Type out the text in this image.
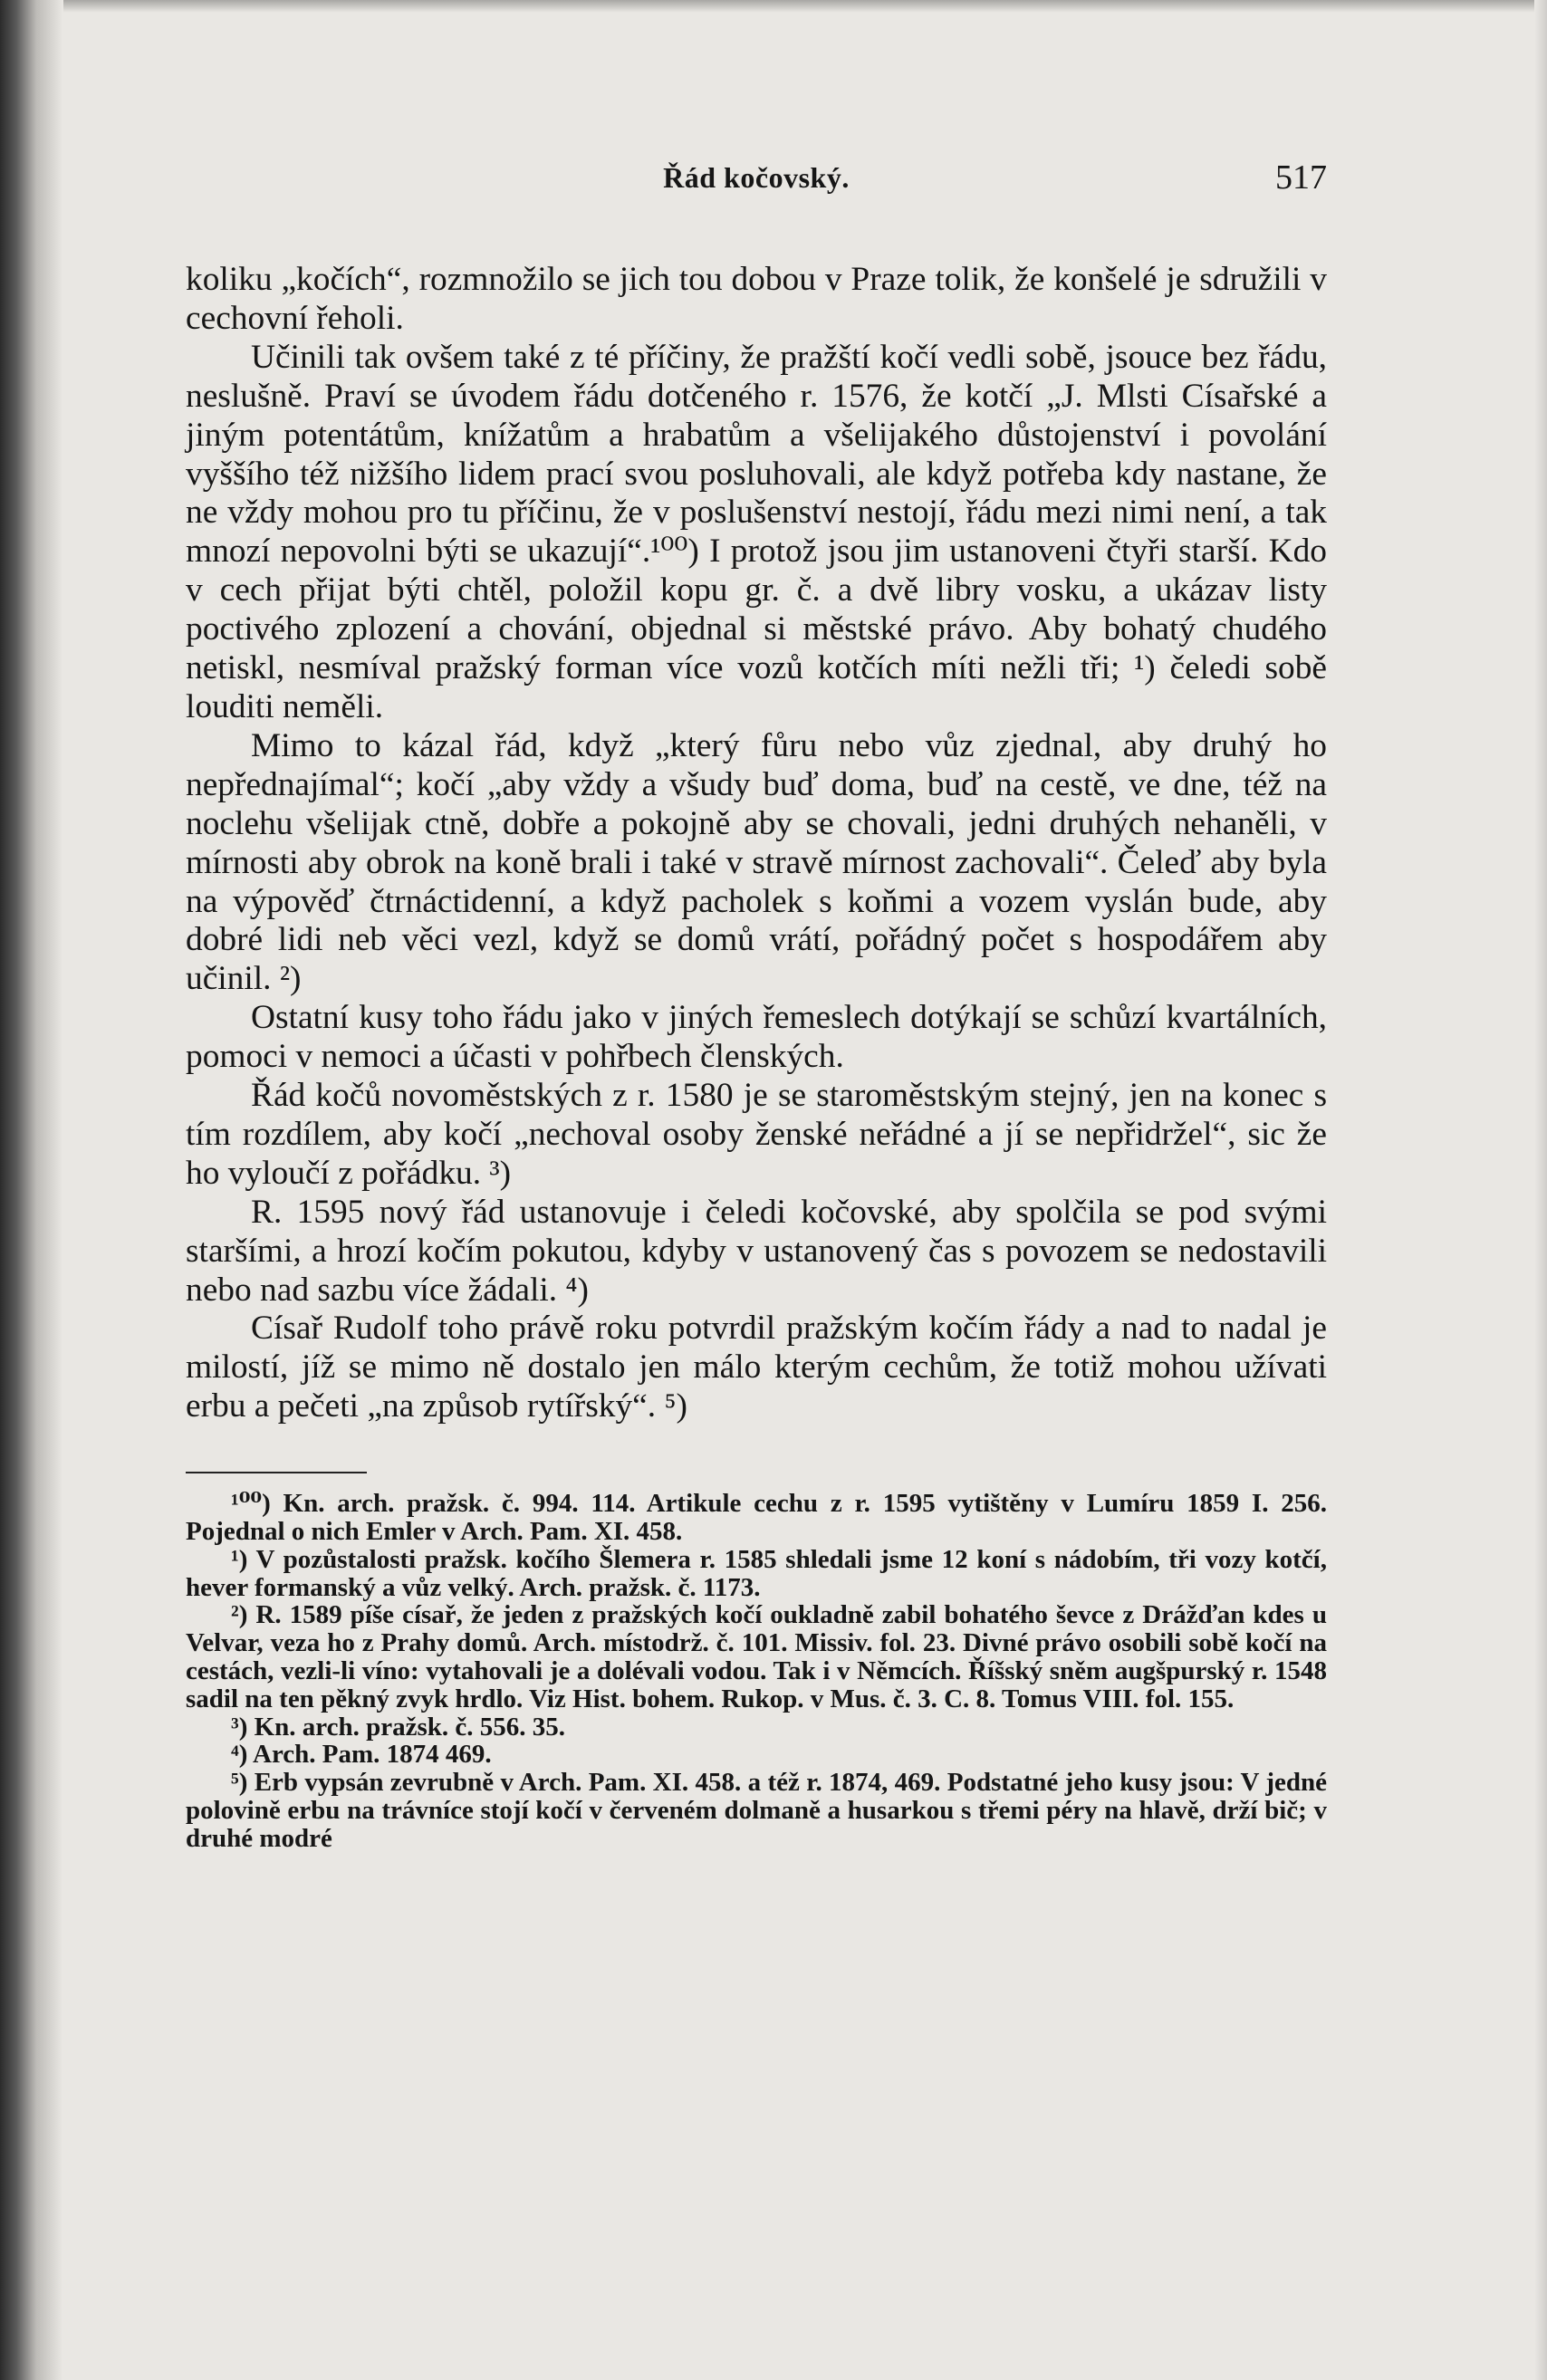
Řád kočovský.	517

koliku „kočích“, rozmnožilo se jich tou dobou v Praze tolik, že konšelé je sdružili v cechovní řeholi.

Učinili tak ovšem také z té příčiny, že pražští kočí vedli sobě, jsouce bez řádu, neslušně. Praví se úvodem řádu dotčeného r. 1576, že kotčí „J. Mlsti Císařské a jiným potentátům, knížatům a hrabatům a všelijakého důstojenství i povolání vyššího též nižšího lidem prací svou posluhovali, ale když potřeba kdy nastane, že ne vždy mohou pro tu příčinu, že v poslušenství nestojí, řádu mezi nimi není, a tak mnozí nepovolni býti se ukazují“.¹⁰⁰) I protož jsou jim ustanoveni čtyři starší. Kdo v cech přijat býti chtěl, položil kopu gr. č. a dvě libry vosku, a ukázav listy poctivého zplození a chování, objednal si městské právo. Aby bohatý chudého netiskl, nesmíval pražský forman více vozů kotčích míti nežli tři; ¹) čeledi sobě louditi neměli.

Mimo to kázal řád, když „který fůru nebo vůz zjednal, aby druhý ho nepřednajímal“; kočí „aby vždy a všudy buď doma, buď na cestě, ve dne, též na noclehu všelijak ctně, dobře a pokojně aby se chovali, jedni druhých nehaněli, v mírnosti aby obrok na koně brali i také v stravě mírnost zachovali“. Čeleď aby byla na výpověď čtrnáctidenní, a když pacholek s koňmi a vozem vyslán bude, aby dobré lidi neb věci vezl, když se domů vrátí, pořádný počet s hospodářem aby učinil. ²)

Ostatní kusy toho řádu jako v jiných řemeslech dotýkají se schůzí kvartálních, pomoci v nemoci a účasti v pohřbech členských.

Řád kočů novoměstských z r. 1580 je se staroměstským stejný, jen na konec s tím rozdílem, aby kočí „nechoval osoby ženské neřádné a jí se nepřidržel“, sic že ho vyloučí z pořádku. ³)

R. 1595 nový řád ustanovuje i čeledi kočovské, aby spolčila se pod svými staršími, a hrozí kočím pokutou, kdyby v ustanovený čas s povozem se nedostavili nebo nad sazbu více žádali. ⁴)

Císař Rudolf toho právě roku potvrdil pražským kočím řády a nad to nadal je milostí, jíž se mimo ně dostalo jen málo kterým cechům, že totiž mohou užívati erbu a pečeti „na způsob rytířský“. ⁵)

¹⁰⁰) Kn. arch. pražsk. č. 994. 114. Artikule cechu z r. 1595 vytištěny v Lumíru 1859 I. 256. Pojednal o nich Emler v Arch. Pam. XI. 458.

¹) V pozůstalosti pražsk. kočího Šlemera r. 1585 shledali jsme 12 koní s nádobím, tři vozy kotčí, hever formanský a vůz velký. Arch. pražsk. č. 1173.

²) R. 1589 píše císař, že jeden z pražských kočí oukladně zabil bohatého ševce z Drážďan kdes u Velvar, veza ho z Prahy domů. Arch. místodrž. č. 101. Missiv. fol. 23. Divné právo osobili sobě kočí na cestách, vezli-li víno: vytahovali je a dolévali vodou. Tak i v Němcích. Říšský sněm augšpurský r. 1548 sadil na ten pěkný zvyk hrdlo. Viz Hist. bohem. Rukop. v Mus. č. 3. C. 8. Tomus VIII. fol. 155.

³) Kn. arch. pražsk. č. 556. 35.

⁴) Arch. Pam. 1874 469.

⁵) Erb vypsán zevrubně v Arch. Pam. XI. 458. a též r. 1874, 469. Podstatné jeho kusy jsou: V jedné polovině erbu na trávníce stojí kočí v červeném dolmaně a husarkou s třemi péry na hlavě, drží bič; v druhé modré
